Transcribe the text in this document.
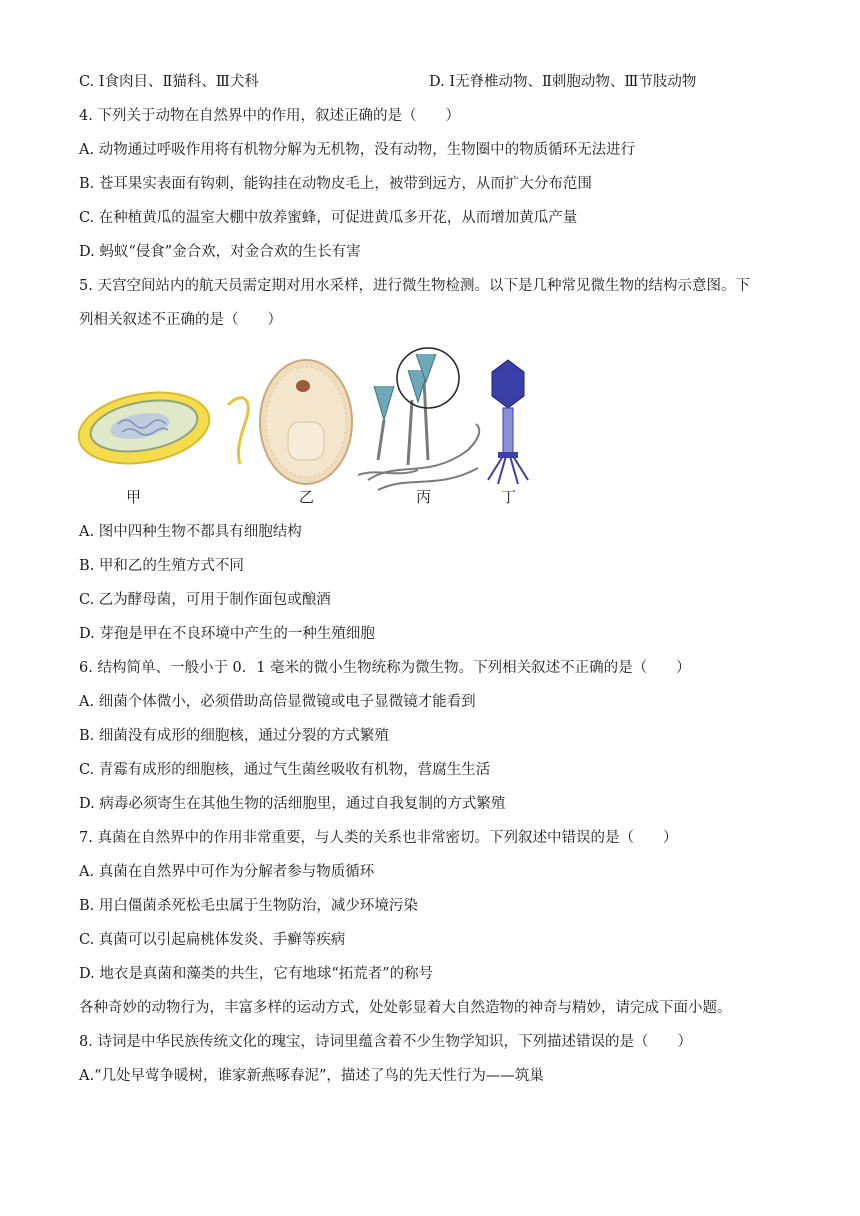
C. Ⅰ食肉目、Ⅱ猫科、Ⅲ犬科	D. Ⅰ无脊椎动物、Ⅱ刺胞动物、Ⅲ节肢动物
4. 下列关于动物在自然界中的作用，叙述正确的是（　　）
A. 动物通过呼吸作用将有机物分解为无机物，没有动物，生物圈中的物质循环无法进行
B. 苍耳果实表面有钩刺，能钩挂在动物皮毛上，被带到远方，从而扩大分布范围
C. 在种植黄瓜的温室大棚中放养蜜蜂，可促进黄瓜多开花，从而增加黄瓜产量
D. 蚂蚁“侵食”金合欢，对金合欢的生长有害
5. 天宫空间站内的航天员需定期对用水采样，进行微生物检测。以下是几种常见微生物的结构示意图。下
列相关叙述不正确的是（　　）
甲	乙	丙	丁
A. 图中四种生物不都具有细胞结构
B. 甲和乙的生殖方式不同
C. 乙为酵母菌，可用于制作面包或酿酒
D. 芽孢是甲在不良环境中产生的一种生殖细胞
6. 结构简单、一般小于 0．1 毫米的微小生物统称为微生物。下列相关叙述不正确的是（　　）
A. 细菌个体微小，必须借助高倍显微镜或电子显微镜才能看到
B. 细菌没有成形的细胞核，通过分裂的方式繁殖
C. 青霉有成形的细胞核，通过气生菌丝吸收有机物，营腐生生活
D. 病毒必须寄生在其他生物的活细胞里，通过自我复制的方式繁殖
7. 真菌在自然界中的作用非常重要，与人类的关系也非常密切。下列叙述中错误的是（　　）
A. 真菌在自然界中可作为分解者参与物质循环
B. 用白僵菌杀死松毛虫属于生物防治，减少环境污染
C. 真菌可以引起扁桃体发炎、手癣等疾病
D. 地衣是真菌和藻类的共生，它有地球“拓荒者”的称号
各种奇妙的动物行为，丰富多样的运动方式，处处彰显着大自然造物的神奇与精妙，请完成下面小题。
8. 诗词是中华民族传统文化的瑰宝，诗词里蕴含着不少生物学知识，下列描述错误的是（　　）
A.“几处早莺争暖树，谁家新燕啄春泥”，描述了鸟的先天性行为——筑巢
